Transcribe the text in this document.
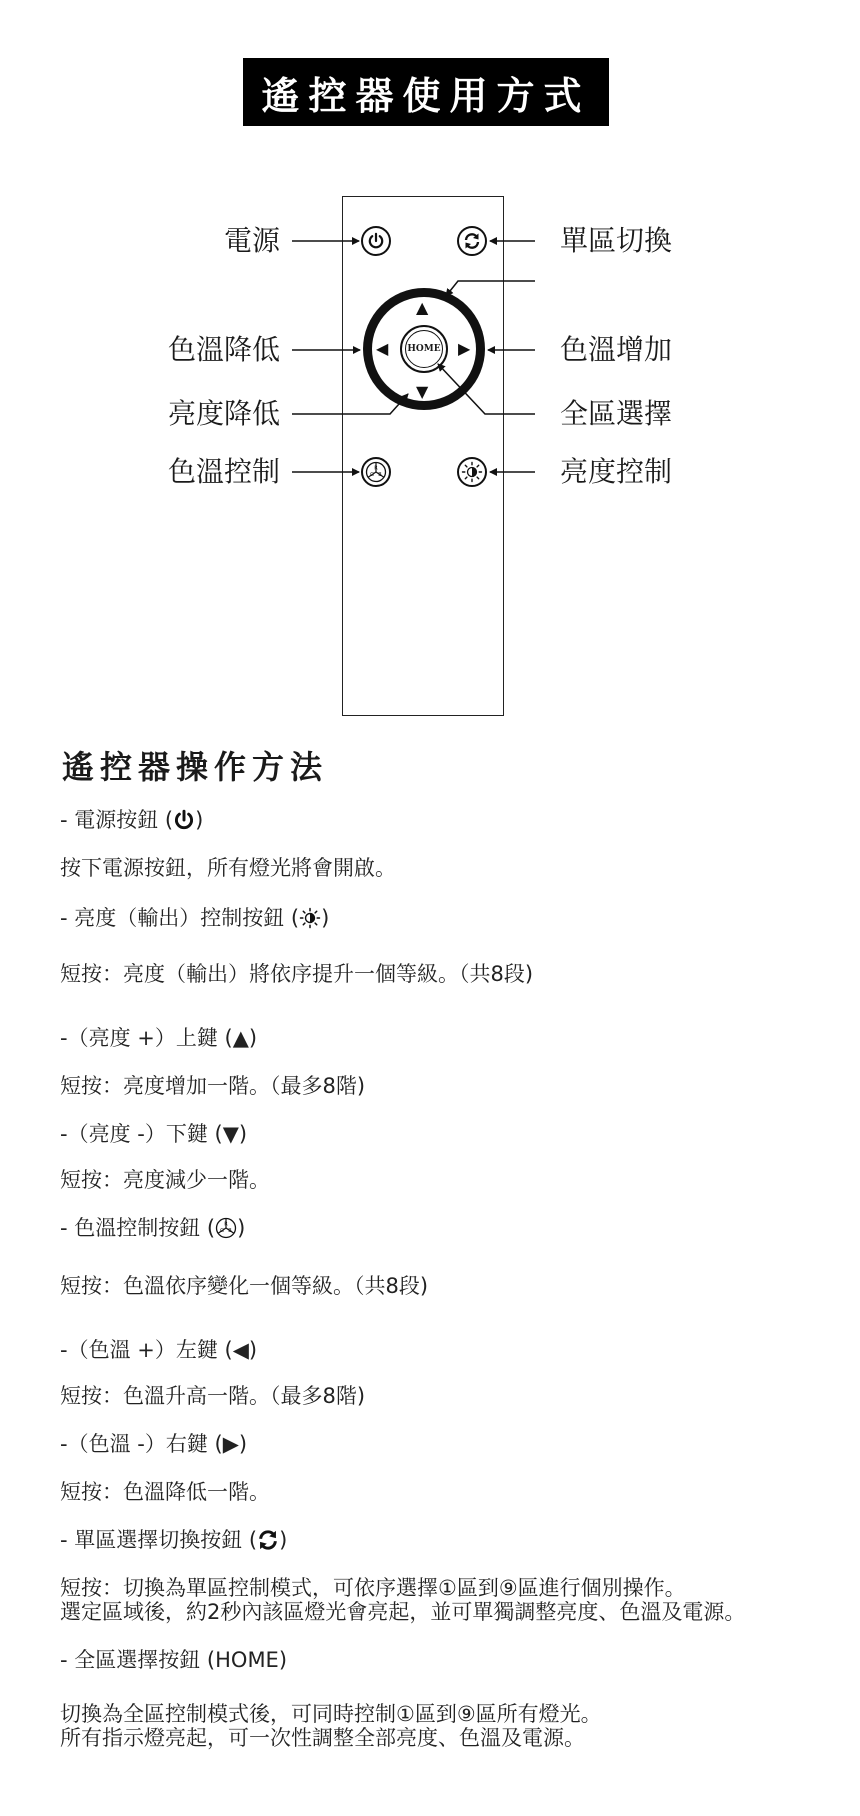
遙控器使用方式
▲
▼
◀	▶
HOME
R
G B
電源	單區切換
色溫降低	色溫增加
亮度降低	全區選擇
色溫控制	亮度控制
遙控器操作方法
- 電源按鈕 ( )
按下電源按鈕，所有燈光將會開啟。
- 亮度（輸出）控制按鈕 ( )
短按：亮度（輸出）將依序提升一個等級。（共8段)
-（亮度 +）上鍵 (▲)
短按：亮度增加一階。（最多8階)
-（亮度 -）下鍵 (▼)
短按：亮度減少一階。
- 色溫控制按鈕 ( R
G B )
短按：色溫依序變化一個等級。（共8段)
-（色溫 +）左鍵 (◀)
短按：色溫升高一階。（最多8階)
-（色溫 -）右鍵 (▶)
短按：色溫降低一階。
- 單區選擇切換按鈕 ( )
短按：切換為單區控制模式，可依序選擇①區到⑨區進行個別操作。
選定區域後，約2秒內該區燈光會亮起，並可單獨調整亮度、色溫及電源。
- 全區選擇按鈕 (HOME)
切換為全區控制模式後，可同時控制①區到⑨區所有燈光。
所有指示燈亮起，可一次性調整全部亮度、色溫及電源。
